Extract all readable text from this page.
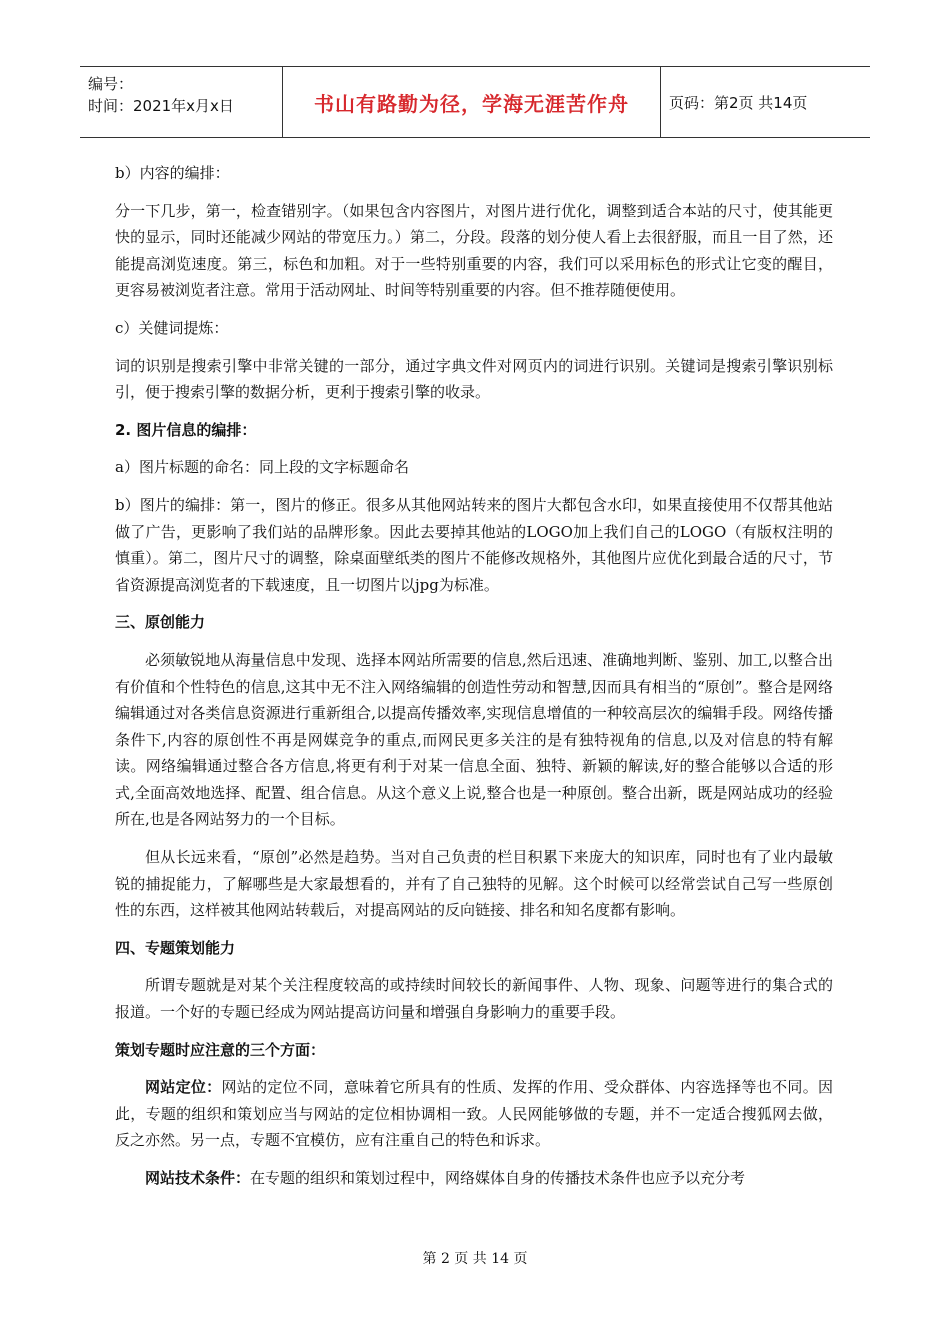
编号：
时间：2021年x月x日	书山有路勤为径，学海无涯苦作舟	页码：第2页 共14页

b）内容的编排：

分一下几步，第一，检查错别字。（如果包含内容图片，对图片进行优化，调整到适合本站的尺寸，使其能更快的显示，同时还能减少网站的带宽压力。）第二，分段。段落的划分使人看上去很舒服，而且一目了然，还能提高浏览速度。第三，标色和加粗。对于一些特别重要的内容，我们可以采用标色的形式让它变的醒目，更容易被浏览者注意。常用于活动网址、时间等特别重要的内容。但不推荐随便使用。

c）关健词提炼：

词的识别是搜索引擎中非常关键的一部分，通过字典文件对网页内的词进行识别。关键词是搜索引擎识别标引，便于搜索引擎的数据分析，更利于搜索引擎的收录。

2. 图片信息的编排：

a）图片标题的命名：同上段的文字标题命名

b）图片的编排：第一，图片的修正。很多从其他网站转来的图片大都包含水印，如果直接使用不仅帮其他站做了广告，更影响了我们站的品牌形象。因此去要掉其他站的LOGO加上我们自己的LOGO（有版权注明的慎重）。第二，图片尺寸的调整，除桌面壁纸类的图片不能修改规格外，其他图片应优化到最合适的尺寸，节省资源提高浏览者的下载速度，且一切图片以jpg为标准。

三、原创能力

必须敏锐地从海量信息中发现、选择本网站所需要的信息,然后迅速、准确地判断、鉴别、加工,以整合出有价值和个性特色的信息,这其中无不注入网络编辑的创造性劳动和智慧,因而具有相当的“原创”。整合是网络编辑通过对各类信息资源进行重新组合,以提高传播效率,实现信息增值的一种较高层次的编辑手段。网络传播条件下,内容的原创性不再是网媒竞争的重点,而网民更多关注的是有独特视角的信息,以及对信息的特有解读。网络编辑通过整合各方信息,将更有利于对某一信息全面、独特、新颖的解读,好的整合能够以合适的形式,全面高效地选择、配置、组合信息。从这个意义上说,整合也是一种原创。整合出新，既是网站成功的经验所在,也是各网站努力的一个目标。

但从长远来看，“原创”必然是趋势。当对自己负责的栏目积累下来庞大的知识库，同时也有了业内最敏锐的捕捉能力，了解哪些是大家最想看的，并有了自己独特的见解。这个时候可以经常尝试自己写一些原创性的东西，这样被其他网站转载后，对提高网站的反向链接、排名和知名度都有影响。

四、专题策划能力

所谓专题就是对某个关注程度较高的或持续时间较长的新闻事件、人物、现象、问题等进行的集合式的报道。一个好的专题已经成为网站提高访问量和增强自身影响力的重要手段。

策划专题时应注意的三个方面：

网站定位：网站的定位不同，意味着它所具有的性质、发挥的作用、受众群体、内容选择等也不同。因此，专题的组织和策划应当与网站的定位相协调相一致。人民网能够做的专题，并不一定适合搜狐网去做，反之亦然。另一点，专题不宜模仿，应有注重自己的特色和诉求。

网站技术条件：在专题的组织和策划过程中，网络媒体自身的传播技术条件也应予以充分考

第 2 页 共 14 页
